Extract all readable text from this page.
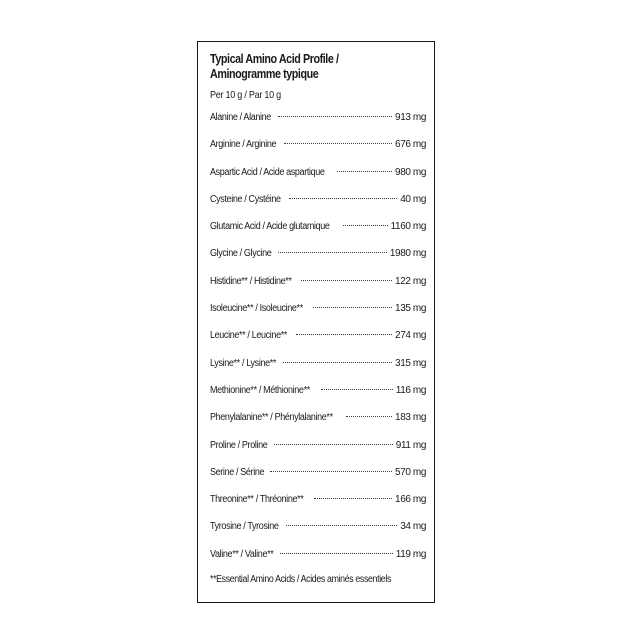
Typical Amino Acid Profile /
Aminogramme typique
Per 10 g / Par 10 g
Alanine / Alanine	913 mg
Arginine / Arginine	676 mg
Aspartic Acid / Acide aspartique	980 mg
Cysteine / Cystéine	40 mg
Glutamic Acid / Acide glutamique	1160 mg
Glycine / Glycine	1980 mg
Histidine** / Histidine**	122 mg
Isoleucine** / Isoleucine**	135 mg
Leucine** / Leucine**	274 mg
Lysine** / Lysine**	315 mg
Methionine** / Méthionine**	116 mg
Phenylalanine** / Phénylalanine**	183 mg
Proline / Proline	911 mg
Serine / Sérine	570 mg
Threonine** / Thréonine**	166 mg
Tyrosine / Tyrosine	34 mg
Valine** / Valine**	119 mg
**Essential Amino Acids / Acides aminés essentiels
